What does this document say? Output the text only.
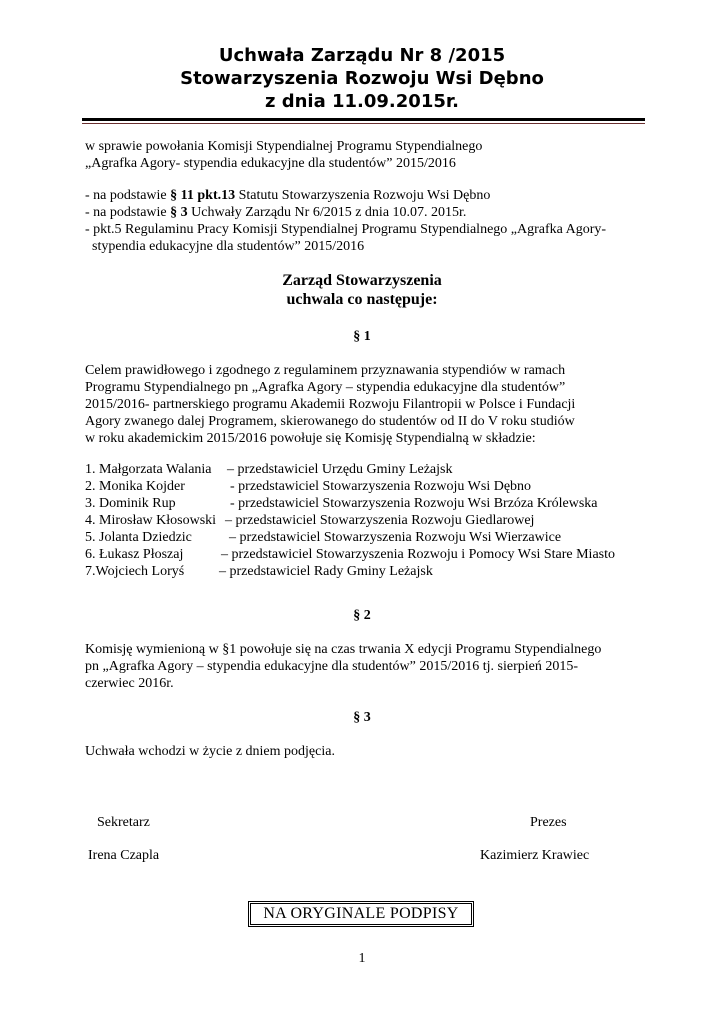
Uchwała Zarządu Nr 8 /2015
Stowarzyszenia Rozwoju Wsi Dębno
z dnia 11.09.2015r.
w sprawie powołania Komisji Stypendialnej Programu Stypendialnego
„Agrafka Agory- stypendia edukacyjne dla studentów” 2015/2016
- na podstawie § 11 pkt.13 Statutu Stowarzyszenia Rozwoju Wsi Dębno
- na podstawie § 3 Uchwały Zarządu Nr 6/2015 z dnia 10.07. 2015r.
- pkt.5 Regulaminu Pracy Komisji Stypendialnej Programu Stypendialnego „Agrafka Agory-
stypendia edukacyjne dla studentów” 2015/2016
Zarząd Stowarzyszenia
uchwala co następuje:
§ 1
Celem prawidłowego i zgodnego z regulaminem przyznawania stypendiów w ramach
Programu Stypendialnego pn „Agrafka Agory – stypendia edukacyjne dla studentów”
2015/2016- partnerskiego programu Akademii Rozwoju Filantropii w Polsce i Fundacji
Agory zwanego dalej Programem, skierowanego do studentów od II do V roku studiów
w roku akademickim 2015/2016 powołuje się Komisję Stypendialną w składzie:
1. Małgorzata Walania – przedstawiciel Urzędu Gminy Leżajsk
2. Monika Kojder	- przedstawiciel Stowarzyszenia Rozwoju Wsi Dębno
3. Dominik Rup	- przedstawiciel Stowarzyszenia Rozwoju Wsi Brzóza Królewska
4. Mirosław Kłosowski – przedstawiciel Stowarzyszenia Rozwoju Giedlarowej
5. Jolanta Dziedzic	– przedstawiciel Stowarzyszenia Rozwoju Wsi Wierzawice
6. Łukasz Płoszaj	– przedstawiciel Stowarzyszenia Rozwoju i Pomocy Wsi Stare Miasto
7.Wojciech Loryś – przedstawiciel Rady Gminy Leżajsk
§ 2
Komisję wymienioną w §1 powołuje się na czas trwania X edycji Programu Stypendialnego
pn „Agrafka Agory – stypendia edukacyjne dla studentów” 2015/2016 tj. sierpień 2015-
czerwiec 2016r.
§ 3
Uchwała wchodzi w życie z dniem podjęcia.
Sekretarz
Irena Czapla
Prezes
Kazimierz Krawiec
NA ORYGINALE PODPISY
1
